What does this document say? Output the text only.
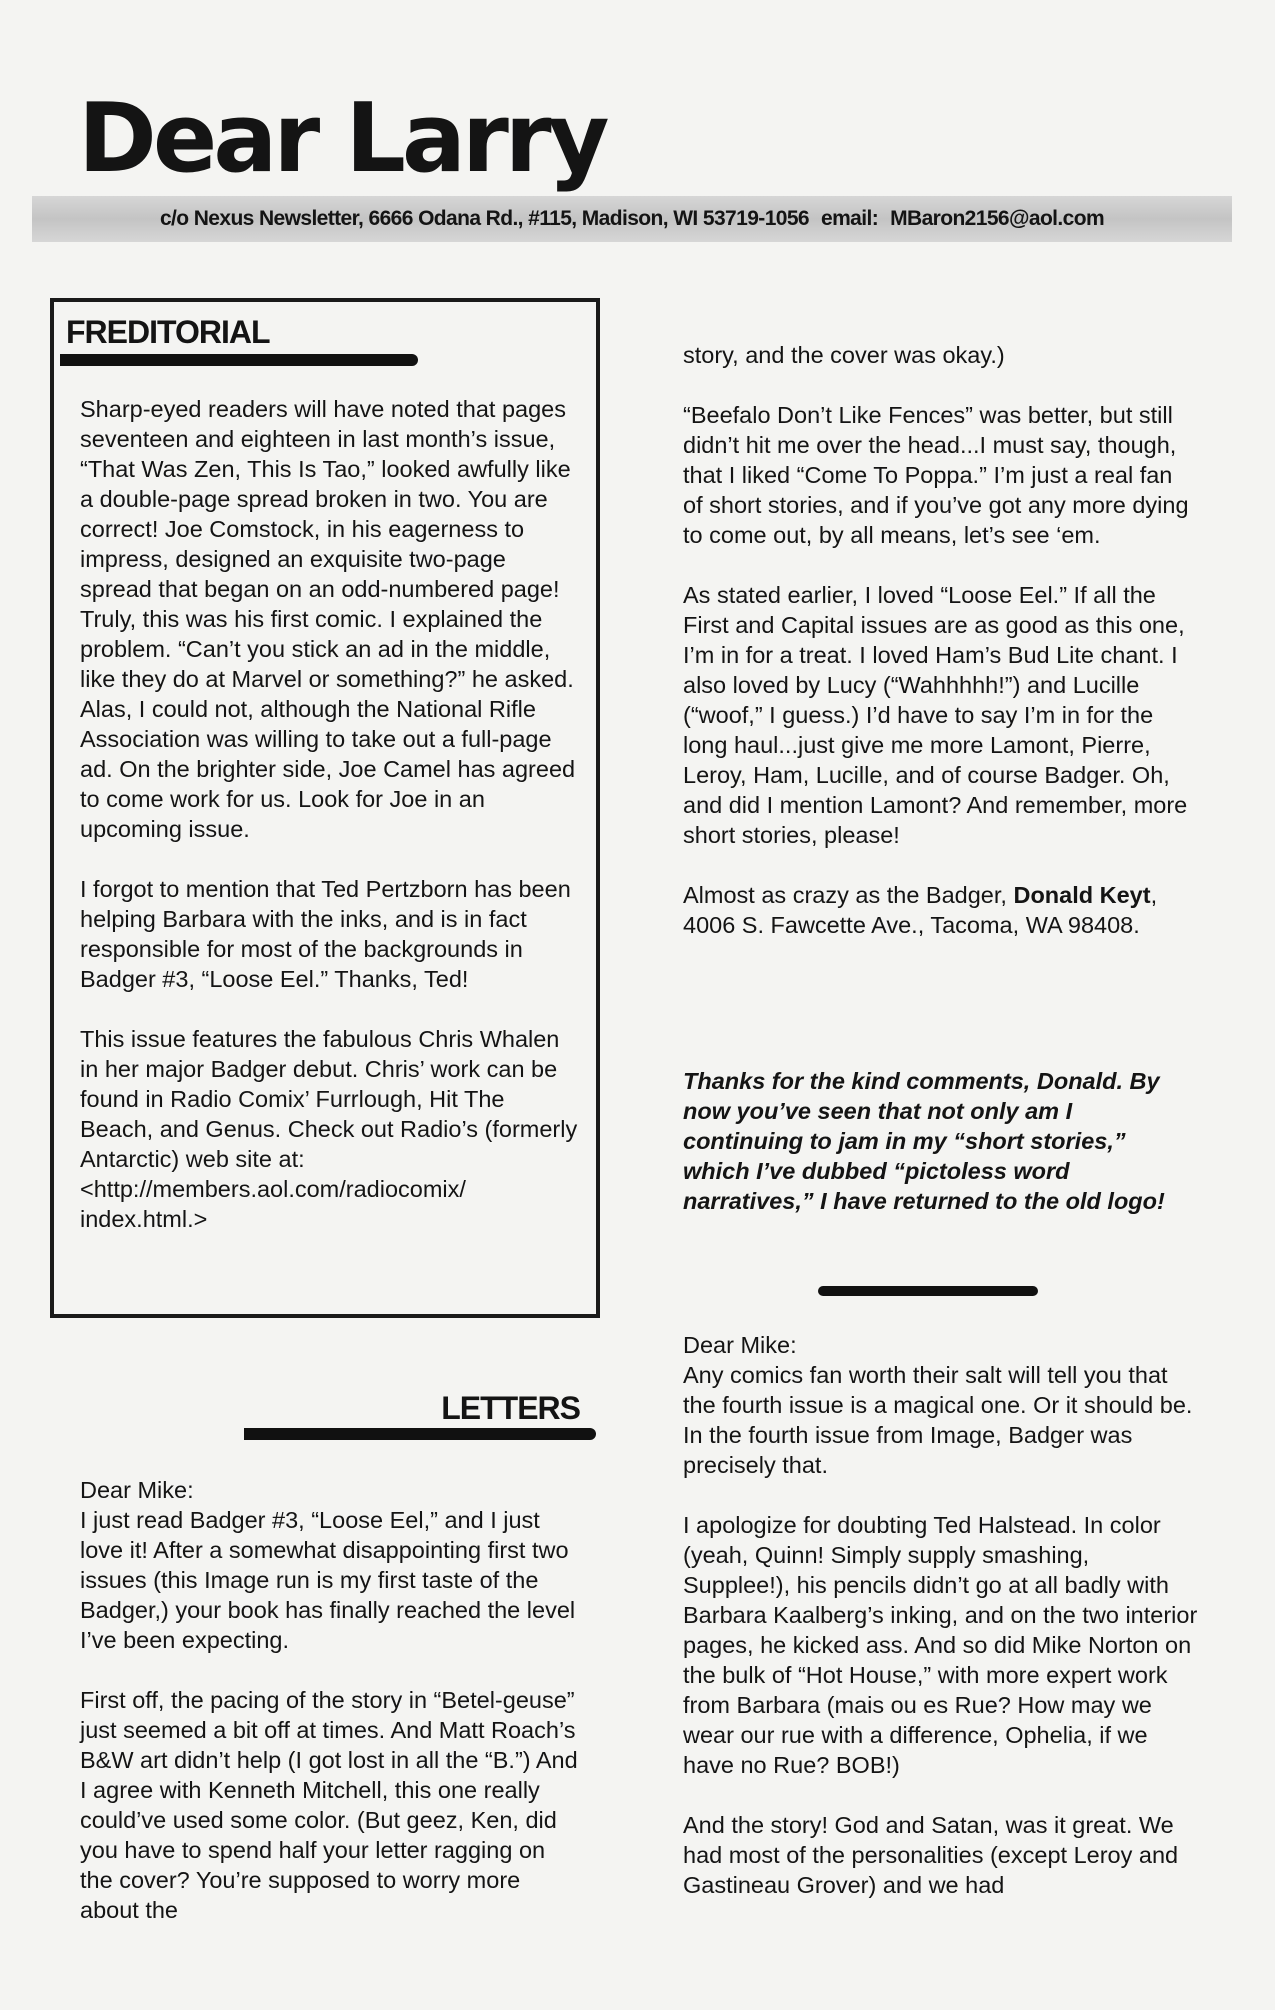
Dear Larry
c/o Nexus Newsletter, 6666 Odana Rd., #115, Madison, WI 53719-1056 email: MBaron2156@aol.com
FREDITORIAL

Sharp-eyed readers will have noted that pages seventeen and eighteen in last month’s issue, “That Was Zen, This Is Tao,” looked awfully like a double-page spread broken in two. You are correct! Joe Comstock, in his eagerness to impress, designed an exquisite two-page spread that began on an odd-numbered page! Truly, this was his first comic. I explained the problem. “Can’t you stick an ad in the middle, like they do at Marvel or something?” he asked. Alas, I could not, although the National Rifle Association was willing to take out a full-page ad. On the brighter side, Joe Camel has agreed to come work for us. Look for Joe in an upcoming issue.

I forgot to mention that Ted Pertzborn has been helping Barbara with the inks, and is in fact responsible for most of the backgrounds in Badger #3, “Loose Eel.” Thanks, Ted!

This issue features the fabulous Chris Whalen in her major Badger debut. Chris’ work can be found in Radio Comix’ Furrlough, Hit The Beach, and Genus. Check out Radio’s (formerly Antarctic) web site at: <http://members.aol.com/radiocomix/ index.html.>

LETTERS
Dear Mike:

I just read Badger #3, “Loose Eel,” and I just love it! After a somewhat disappointing first two issues (this Image run is my first taste of the Badger,) your book has finally reached the level I’ve been expecting.

First off, the pacing of the story in “Betel-geuse” just seemed a bit off at times. And Matt Roach’s B&W art didn’t help (I got lost in all the “B.”) And I agree with Kenneth Mitchell, this one really could’ve used some color. (But geez, Ken, did you have to spend half your letter ragging on the cover? You’re supposed to worry more about the

story, and the cover was okay.)

“Beefalo Don’t Like Fences” was better, but still didn’t hit me over the head...I must say, though, that I liked “Come To Poppa.” I’m just a real fan of short stories, and if you’ve got any more dying to come out, by all means, let’s see ‘em.

As stated earlier, I loved “Loose Eel.” If all the First and Capital issues are as good as this one, I’m in for a treat. I loved Ham’s Bud Lite chant. I also loved by Lucy (“Wahhhhh!”) and Lucille (“woof,” I guess.) I’d have to say I’m in for the long haul...just give me more Lamont, Pierre, Leroy, Ham, Lucille, and of course Badger. Oh, and did I mention Lamont? And remember, more short stories, please!

Almost as crazy as the Badger, Donald Keyt, 4006 S. Fawcette Ave., Tacoma, WA 98408.

Thanks for the kind comments, Donald. By now you’ve seen that not only am I continuing to jam in my “short stories,” which I’ve dubbed “pictoless word narratives,” I have returned to the old logo!

Dear Mike:

Any comics fan worth their salt will tell you that the fourth issue is a magical one. Or it should be. In the fourth issue from Image, Badger was precisely that.

I apologize for doubting Ted Halstead. In color (yeah, Quinn! Simply supply smashing, Supplee!), his pencils didn’t go at all badly with Barbara Kaalberg’s inking, and on the two interior pages, he kicked ass. And so did Mike Norton on the bulk of “Hot House,” with more expert work from Barbara (mais ou es Rue? How may we wear our rue with a difference, Ophelia, if we have no Rue? BOB!)

And the story! God and Satan, was it great. We had most of the personalities (except Leroy and Gastineau Grover) and we had
